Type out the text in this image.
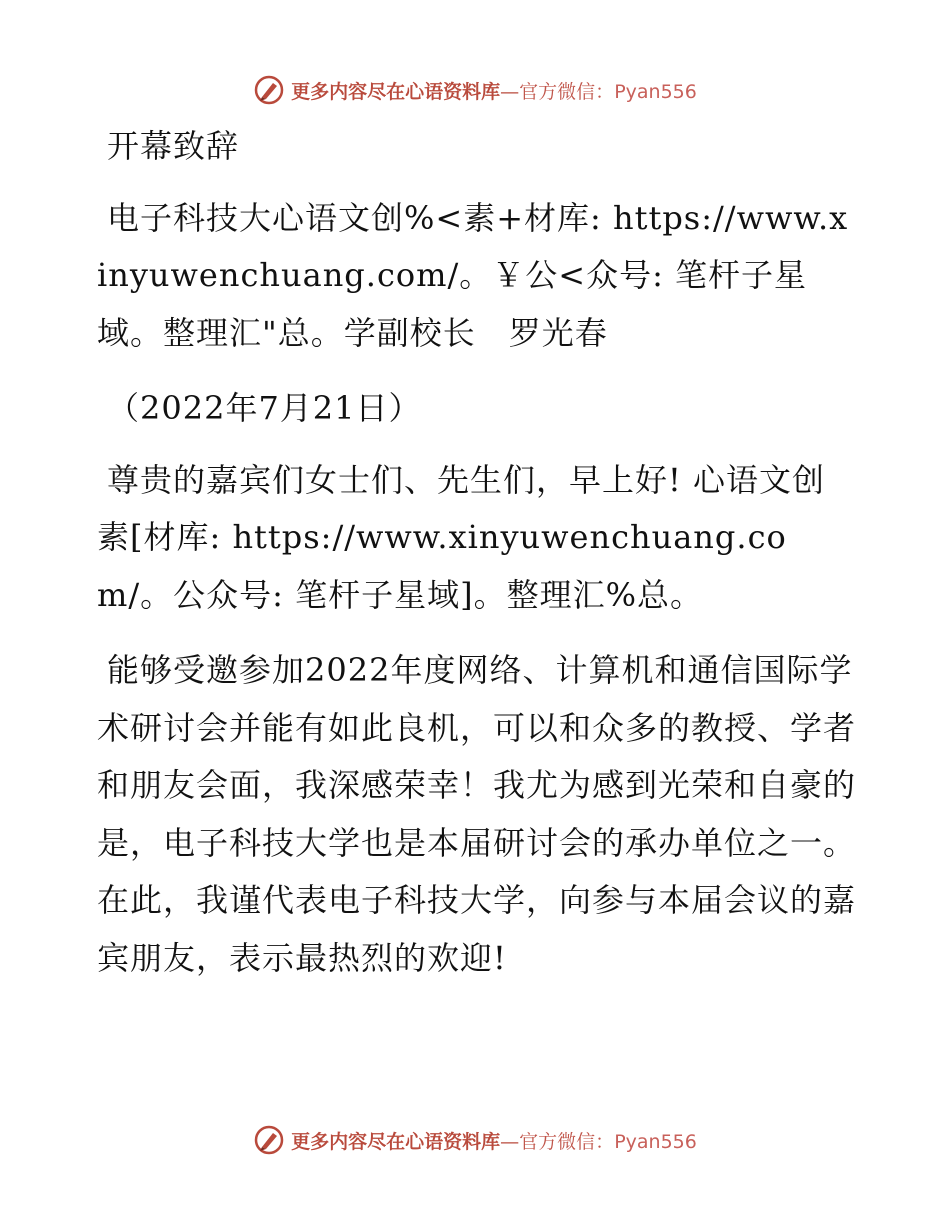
更多内容尽在心语资料库—官方微信：Pyan556

开幕致辞

电子科技大心语文创%<素+材库: https://www.xinyuwenchuang.com/。￥公<众号: 笔杆子星域。整理汇"总。学副校长　罗光春

（2022年7月21日）

尊贵的嘉宾们女士们、先生们，早上好! 心语文创素[材库: https://www.xinyuwenchuang.com/。公众号: 笔杆子星域]。整理汇%总。

能够受邀参加2022年度网络、计算机和通信国际学术研讨会并能有如此良机，可以和众多的教授、学者和朋友会面，我深感荣幸！我尤为感到光荣和自豪的是，电子科技大学也是本届研讨会的承办单位之一。在此，我谨代表电子科技大学，向参与本届会议的嘉宾朋友，表示最热烈的欢迎!

更多内容尽在心语资料库—官方微信：Pyan556
